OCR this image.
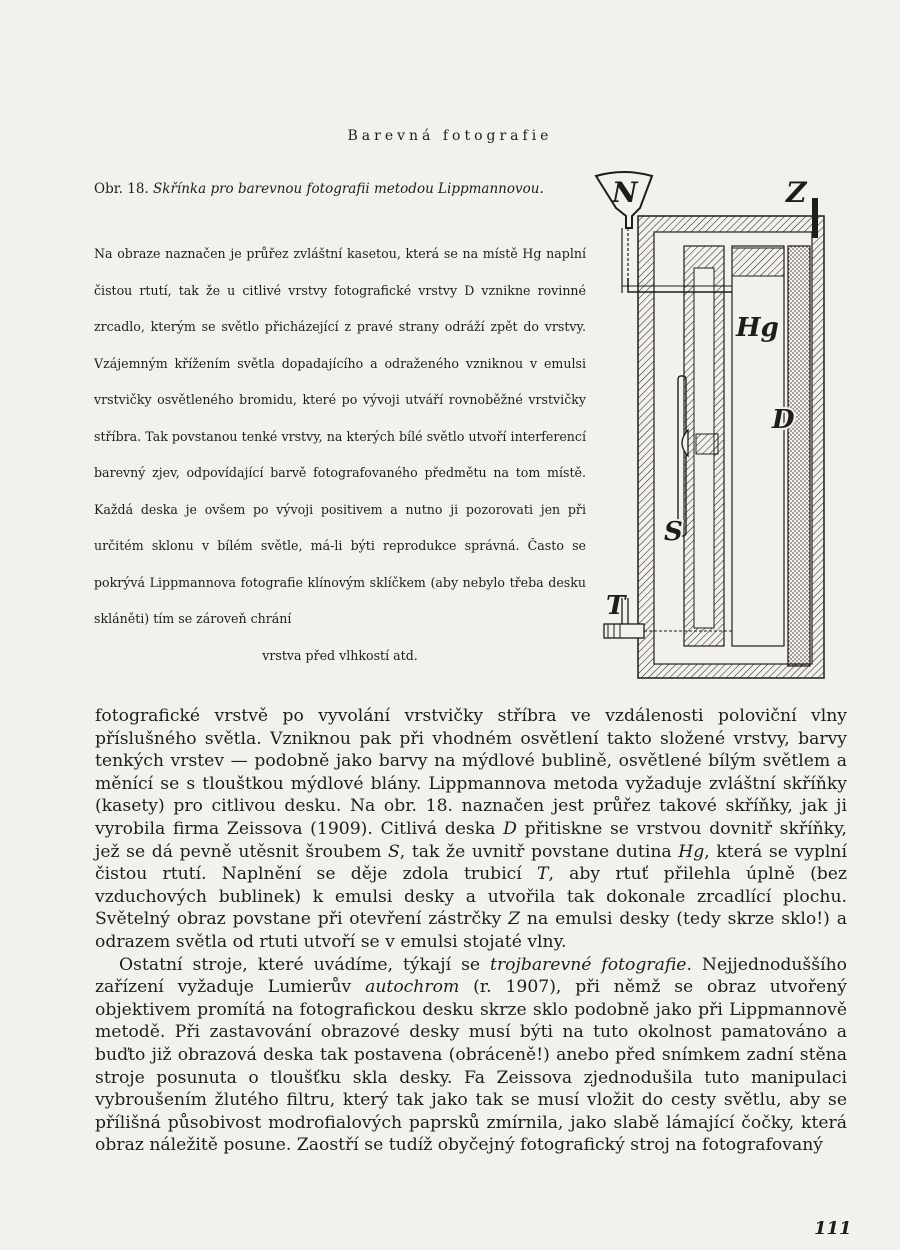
Barevná fotografie
Obr. 18. Skřínka pro barevnou fotografii metodou Lippmannovou.

Na obraze naznačen je průřez zvláštní kasetou, která se na místě Hg naplní čistou rtutí, tak že u citlivé vrstvy fotografické vrstvy D vznikne rovinné zrcadlo, kterým se světlo přicházející z pravé strany odráží zpět do vrstvy. Vzájemným křížením světla dopadajícího a odraženého vzniknou v emulsi vrstvičky osvětleného bromidu, které po vývoji utváří rovnoběžné vrstvičky stříbra. Tak povstanou tenké vrstvy, na kterých bílé světlo utvoří interferencí barevný zjev, odpovídající barvě fotografovaného předmětu na tom místě. Každá deska je ovšem po vývoji positivem a nutno ji pozorovati jen při určitém sklonu v bílém světle, má-li býti reprodukce správná. Často se pokrývá Lippmannova fotografie klínovým sklíčkem (aby nebylo třeba desku skláněti) tím se zároveň chrání
vrstva před vlhkostí atd.

N	Z
Hg
D
S
T

fotografické vrstvě po vyvolání vrstvičky stříbra ve vzdálenosti poloviční vlny příslušného světla. Vzniknou pak při vhodném osvětlení takto složené vrstvy, barvy tenkých vrstev — podobně jako barvy na mýdlové bublině, osvětlené bílým světlem a měnící se s tlouštkou mýdlové blány. Lippmannova metoda vyžaduje zvláštní skříňky (kasety) pro citlivou desku. Na obr. 18. naznačen jest průřez takové skříňky, jak ji vyrobila firma Zeissova (1909). Citlivá deska D přitiskne se vrstvou dovnitř skříňky, jež se dá pevně utěsnit šroubem S, tak že uvnitř povstane dutina Hg, která se vyplní čistou rtutí. Naplnění se děje zdola trubicí T, aby rtuť přilehla úplně (bez vzduchových bublinek) k emulsi desky a utvořila tak dokonale zrcadlící plochu. Světelný obraz povstane při otevření zástrčky Z na emulsi desky (tedy skrze sklo!) a odrazem světla od rtuti utvoří se v emulsi stojaté vlny.

Ostatní stroje, které uvádíme, týkají se trojbarevné fotografie. Nejjednoduššího zařízení vyžaduje Lumierův autochrom (r. 1907), při němž se obraz utvořený objektivem promítá na fotografickou desku skrze sklo podobně jako při Lippmannově metodě. Při zastavování obrazové desky musí býti na tuto okolnost pamatováno a buďto již obrazová deska tak postavena (obráceně!) anebo před snímkem zadní stěna stroje posunuta o tloušťku skla desky. Fa Zeissova zjednodušila tuto manipulaci vybroušením žlutého filtru, který tak jako tak se musí vložit do cesty světlu, aby se přílišná působivost modrofialových paprsků zmírnila, jako slabě lámající čočky, která obraz náležitě posune. Zaostří se tudíž obyčejný fotografický stroj na fotografovaný

111
